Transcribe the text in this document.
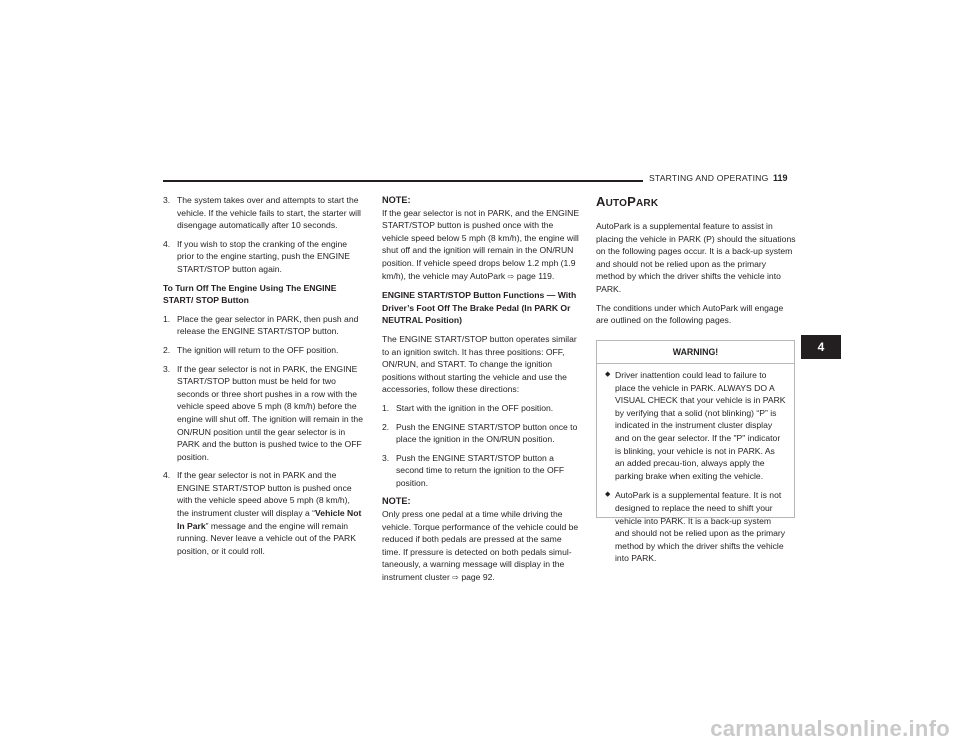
STARTING AND OPERATING 119
3. The system takes over and attempts to start the vehicle. If the vehicle fails to start, the starter will disengage automatically after 10 seconds.
4. If you wish to stop the cranking of the engine prior to the engine starting, push the ENGINE START/STOP button again.
To Turn Off The Engine Using The ENGINE START/ STOP Button
1. Place the gear selector in PARK, then push and release the ENGINE START/STOP button.
2. The ignition will return to the OFF position.
3. If the gear selector is not in PARK, the ENGINE START/STOP button must be held for two seconds or three short pushes in a row with the vehicle speed above 5 mph (8 km/h) before the engine will shut off. The ignition will remain in the ON/RUN position until the gear selector is in PARK and the button is pushed twice to the OFF position.
4. If the gear selector is not in PARK and the ENGINE START/STOP button is pushed once with the vehicle speed above 5 mph (8 km/h), the instrument cluster will display a “Vehicle Not In Park” message and the engine will remain running. Never leave a vehicle out of the PARK position, or it could roll.
NOTE:

If the gear selector is not in PARK, and the ENGINE START/STOP button is pushed once with the vehicle speed below 5 mph (8 km/h), the engine will shut off and the ignition will remain in the ON/RUN position. If vehicle speed drops below 1.2 mph (1.9 km/h), the vehicle may AutoPark ⇨ page 119.

ENGINE START/STOP Button Functions — With Driver’s Foot Off The Brake Pedal (In PARK Or NEUTRAL Position)

The ENGINE START/STOP button operates similar to an ignition switch. It has three positions: OFF, ON/RUN, and START. To change the ignition positions without starting the vehicle and use the accessories, follow these directions:

1. Start with the ignition in the OFF position.
2. Push the ENGINE START/STOP button once to place the ignition in the ON/RUN position.
3. Push the ENGINE START/STOP button a second time to return the ignition to the OFF position.
NOTE:

Only press one pedal at a time while driving the vehicle. Torque performance of the vehicle could be reduced if both pedals are pressed at the same time. If pressure is detected on both pedals simul-taneously, a warning message will display in the instrument cluster ⇨ page 92.

AUTOPARK

AutoPark is a supplemental feature to assist in placing the vehicle in PARK (P) should the situations on the following pages occur. It is a back-up system and should not be relied upon as the primary method by which the driver shifts the vehicle into PARK.

The conditions under which AutoPark will engage are outlined on the following pages.

WARNING!
◆ Driver inattention could lead to failure to place the vehicle in PARK. ALWAYS DO A VISUAL CHECK that your vehicle is in PARK by verifying that a solid (not blinking) “P” is indicated in the instrument cluster display and on the gear selector. If the "P" indicator is blinking, your vehicle is not in PARK. As an added precau-tion, always apply the parking brake when exiting the vehicle.
◆ AutoPark is a supplemental feature. It is not designed to replace the need to shift your vehicle into PARK. It is a back-up system and should not be relied upon as the primary method by which the driver shifts the vehicle into PARK.
4
carmanualsonline.info
